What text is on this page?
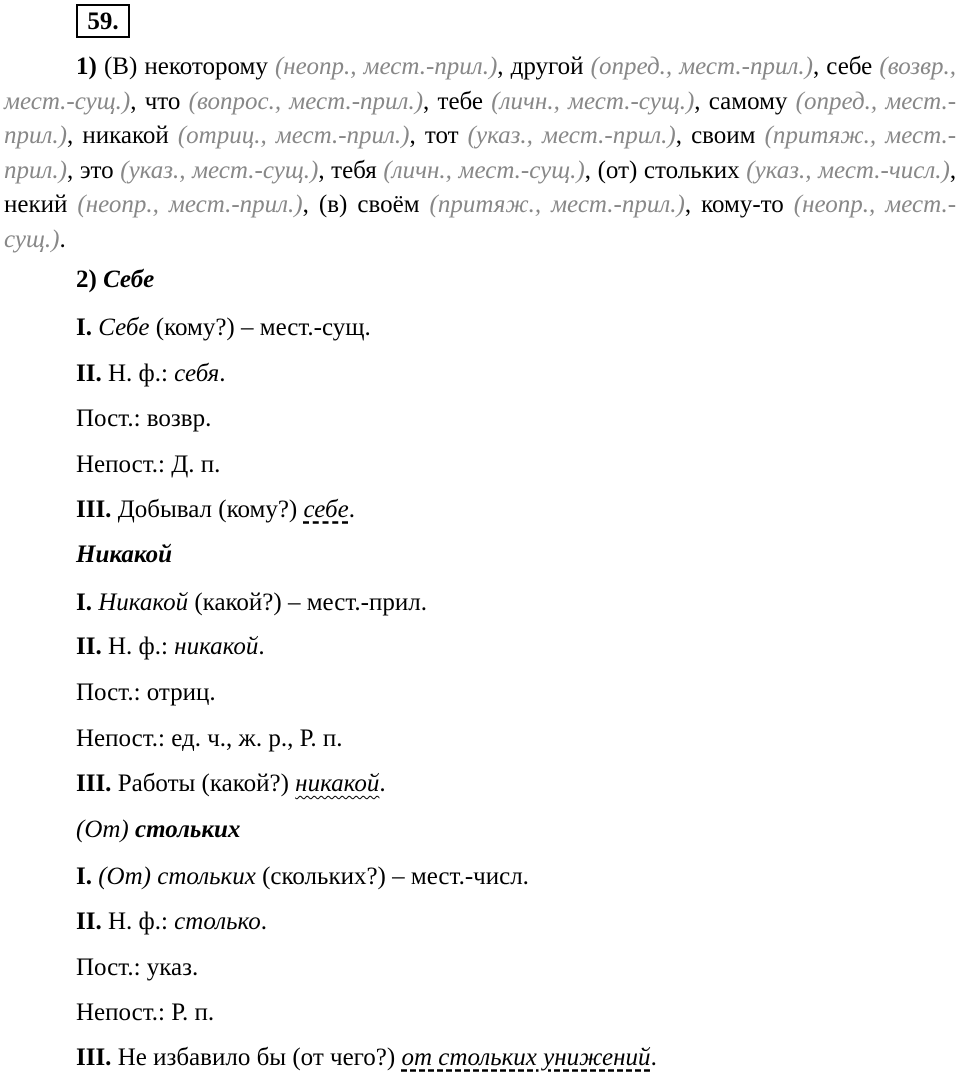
59.

1) (В) некоторому (неопр., мест.-прил.), другой (опред., мест.-прил.), себе (возвр., мест.-сущ.), что (вопрос., мест.-прил.), тебе (личн., мест.-сущ.), самому (опред., мест.-прил.), никакой (отриц., мест.-прил.), тот (указ., мест.-прил.), своим (притяж., мест.-прил.), это (указ., мест.-сущ.), тебя (личн., мест.-сущ.), (от) стольких (указ., мест.-числ.), некий (неопр., мест.-прил.), (в) своём (притяж., мест.-прил.), кому-то (неопр., мест.-сущ.).

2) Себе
I. Себе (кому?) – мест.-сущ.
II. Н. ф.: себя.
Пост.: возвр.
Непост.: Д. п.
III. Добывал (кому?) себе.
Никакой
I. Никакой (какой?) – мест.-прил.
II. Н. ф.: никакой.
Пост.: отриц.
Непост.: ед. ч., ж. р., Р. п.
III. Работы (какой?) никакой.
(От) стольких
I. (От) стольких (скольких?) – мест.-числ.
II. Н. ф.: столько.
Пост.: указ.
Непост.: Р. п.
III. Не избавило бы (от чего?) от стольких унижений.
